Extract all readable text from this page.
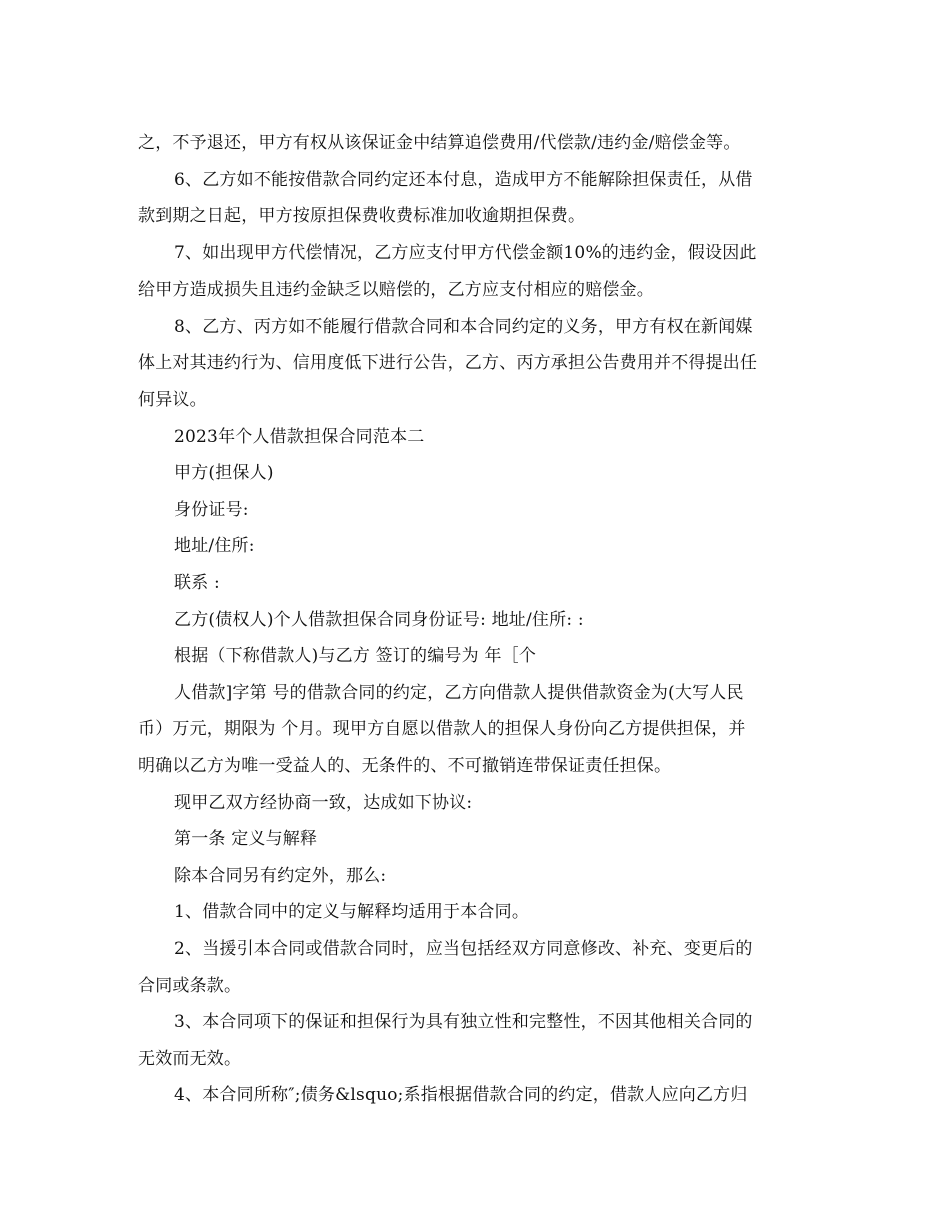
之，不予退还，甲方有权从该保证金中结算追偿费用/代偿款/违约金/赔偿金等。
6、乙方如不能按借款合同约定还本付息，造成甲方不能解除担保责任，从借
款到期之日起，甲方按原担保费收费标准加收逾期担保费。
7、如出现甲方代偿情况，乙方应支付甲方代偿金额10%的违约金，假设因此
给甲方造成损失且违约金缺乏以赔偿的，乙方应支付相应的赔偿金。
8、乙方、丙方如不能履行借款合同和本合同约定的义务，甲方有权在新闻媒
体上对其违约行为、信用度低下进行公告，乙方、丙方承担公告费用并不得提出任
何异议。
2023年个人借款担保合同范本二
甲方(担保人)
身份证号:
地址/住所:
联系 :
乙方(债权人)个人借款担保合同身份证号: 地址/住所: :
根据（下称借款人)与乙方 签订的编号为 年［个
人借款]字第 号的借款合同的约定，乙方向借款人提供借款资金为(大写人民
币）万元，期限为 个月。现甲方自愿以借款人的担保人身份向乙方提供担保，并
明确以乙方为唯一受益人的、无条件的、不可撤销连带保证责任担保。
现甲乙双方经协商一致，达成如下协议:
第一条 定义与解释
除本合同另有约定外，那么:
1、借款合同中的定义与解释均适用于本合同。
2、当援引本合同或借款合同时，应当包括经双方同意修改、补充、变更后的
合同或条款。
3、本合同项下的保证和担保行为具有独立性和完整性，不因其他相关合同的
无效而无效。
4、本合同所称″;债务&lsquo;系指根据借款合同的约定，借款人应向乙方归
